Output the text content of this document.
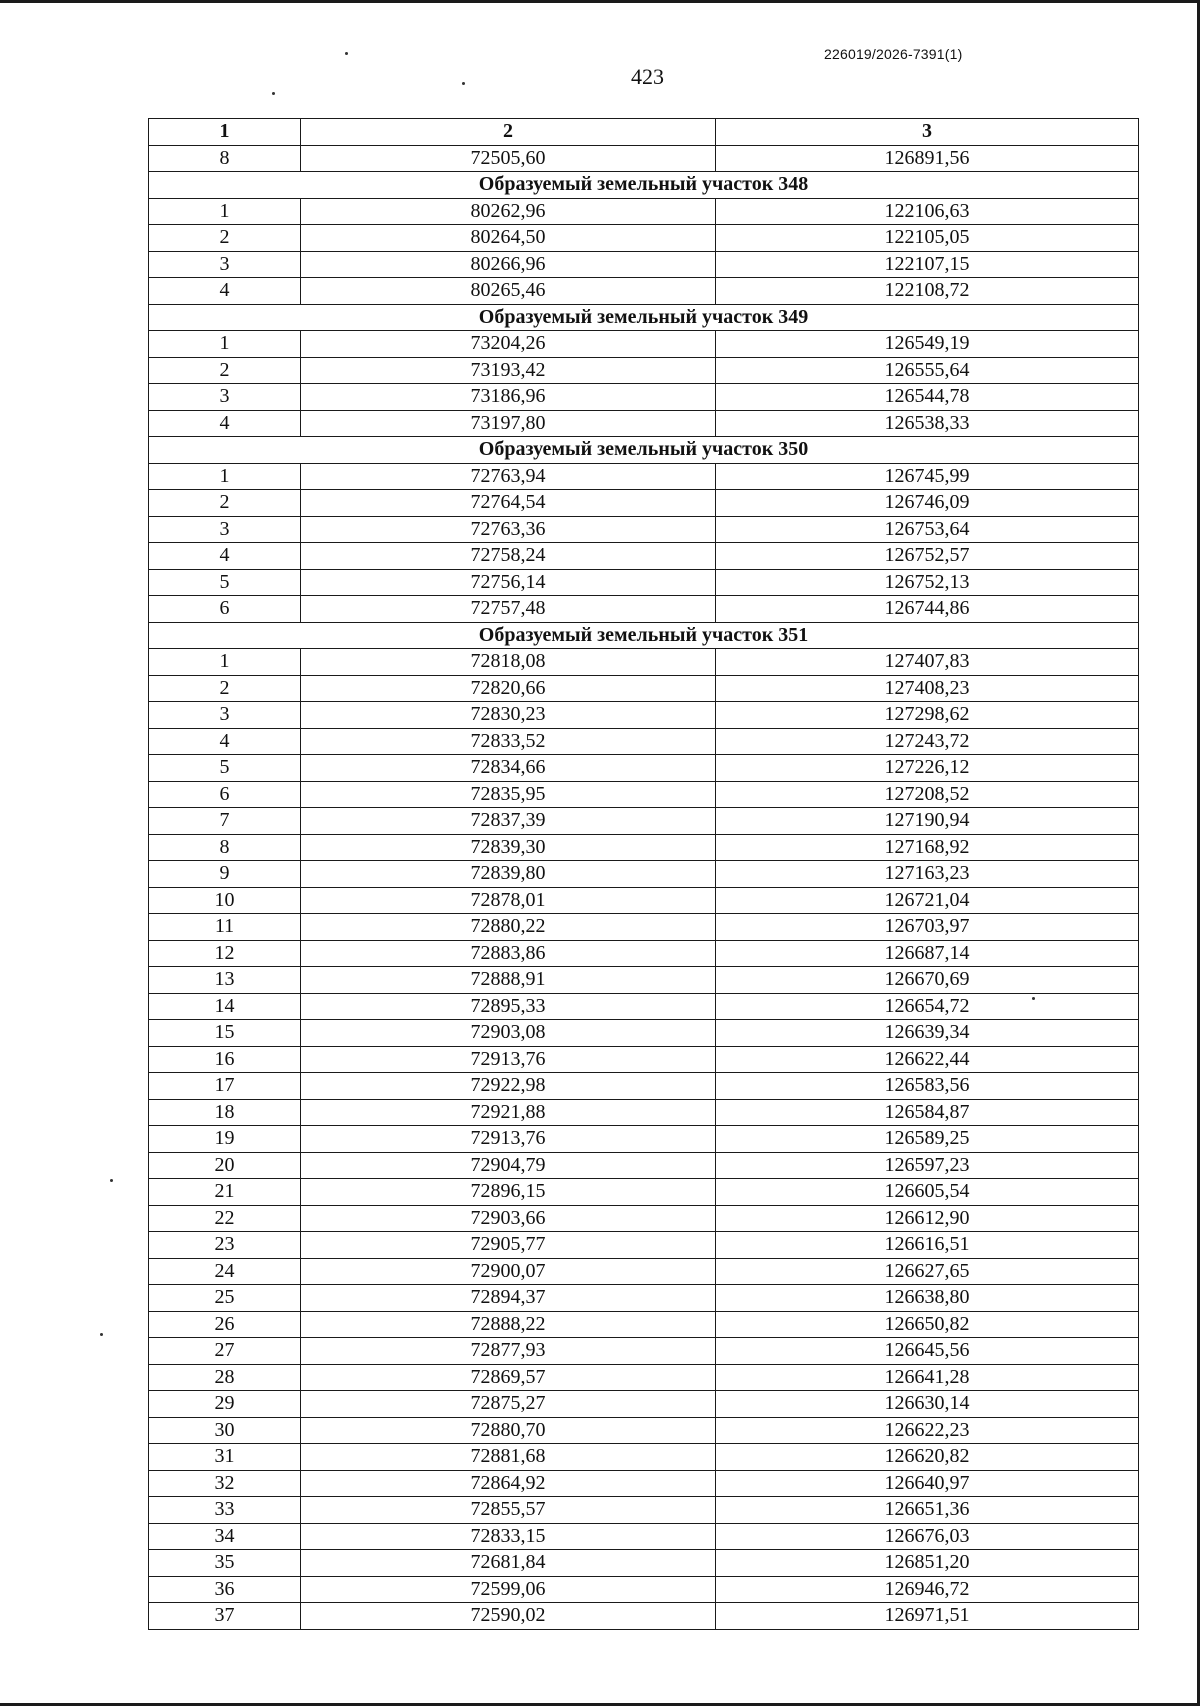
226019/2026-7391(1)
423
1	2	3
8	72505,60	126891,56
Образуемый земельный участок 348		
1	80262,96	122106,63
2	80264,50	122105,05
3	80266,96	122107,15
4	80265,46	122108,72
Образуемый земельный участок 349		
1	73204,26	126549,19
2	73193,42	126555,64
3	73186,96	126544,78
4	73197,80	126538,33
Образуемый земельный участок 350		
1	72763,94	126745,99
2	72764,54	126746,09
3	72763,36	126753,64
4	72758,24	126752,57
5	72756,14	126752,13
6	72757,48	126744,86
Образуемый земельный участок 351		
1	72818,08	127407,83
2	72820,66	127408,23
3	72830,23	127298,62
4	72833,52	127243,72
5	72834,66	127226,12
6	72835,95	127208,52
7	72837,39	127190,94
8	72839,30	127168,92
9	72839,80	127163,23
10	72878,01	126721,04
11	72880,22	126703,97
12	72883,86	126687,14
13	72888,91	126670,69
14	72895,33	126654,72
15	72903,08	126639,34
16	72913,76	126622,44
17	72922,98	126583,56
18	72921,88	126584,87
19	72913,76	126589,25
20	72904,79	126597,23
21	72896,15	126605,54
22	72903,66	126612,90
23	72905,77	126616,51
24	72900,07	126627,65
25	72894,37	126638,80
26	72888,22	126650,82
27	72877,93	126645,56
28	72869,57	126641,28
29	72875,27	126630,14
30	72880,70	126622,23
31	72881,68	126620,82
32	72864,92	126640,97
33	72855,57	126651,36
34	72833,15	126676,03
35	72681,84	126851,20
36	72599,06	126946,72
37	72590,02	126971,51
